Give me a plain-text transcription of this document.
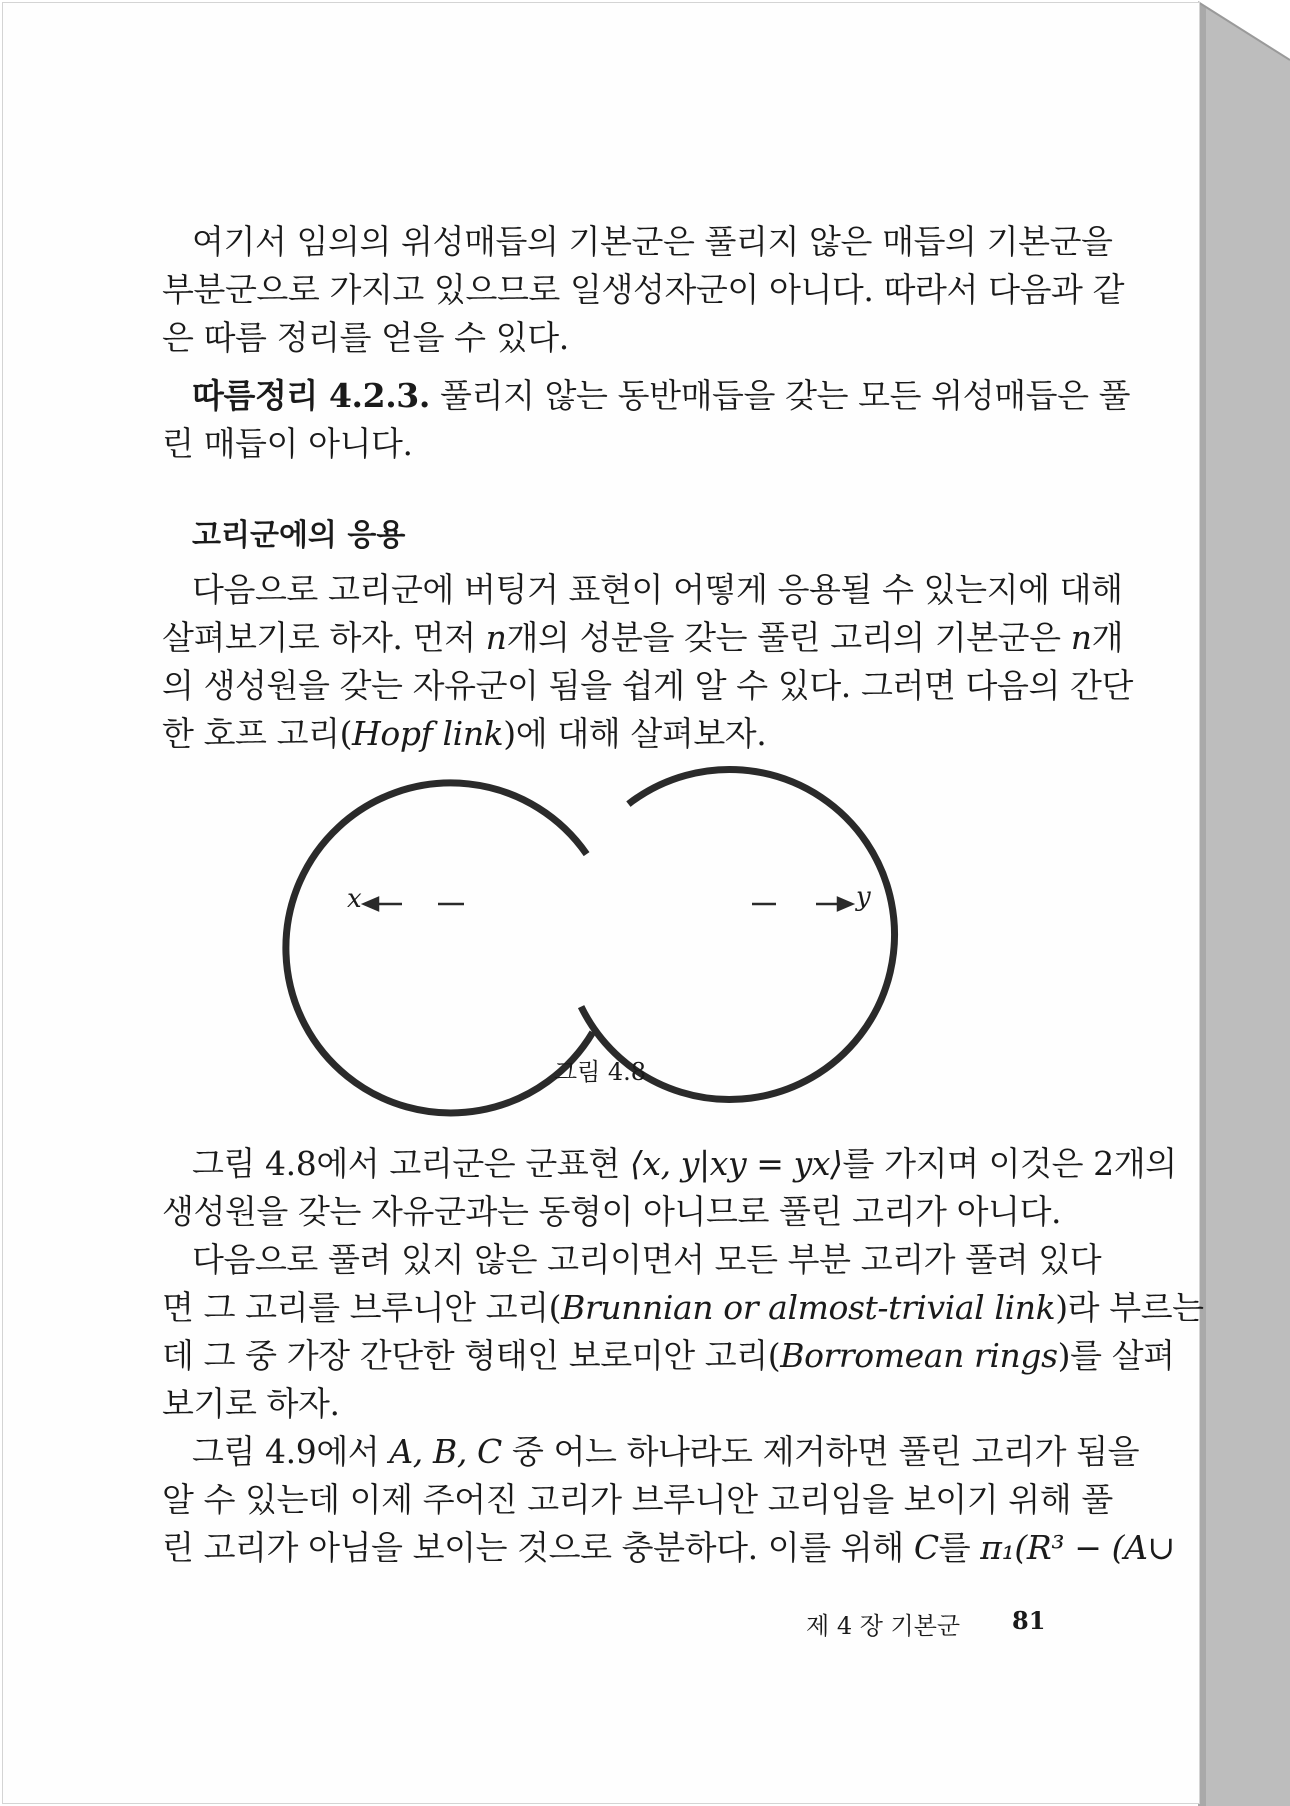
여기서 임의의 위성매듭의 기본군은 풀리지 않은 매듭의 기본군을
부분군으로 가지고 있으므로 일생성자군이 아니다. 따라서 다음과 같
은 따름 정리를 얻을 수 있다.
따름정리 4.2.3. 풀리지 않는 동반매듭을 갖는 모든 위성매듭은 풀
린 매듭이 아니다.
고리군에의 응용
다음으로 고리군에 버팅거 표현이 어떻게 응용될 수 있는지에 대해
살펴보기로 하자. 먼저 n개의 성분을 갖는 풀린 고리의 기본군은 n개
의 생성원을 갖는 자유군이 됨을 쉽게 알 수 있다. 그러면 다음의 간단
한 호프 고리(Hopf link)에 대해 살펴보자.
x	y
그림 4.8
그림 4.8에서 고리군은 군표현 ⟨x, y|xy = yx⟩를 가지며 이것은 2개의
생성원을 갖는 자유군과는 동형이 아니므로 풀린 고리가 아니다.
다음으로 풀려 있지 않은 고리이면서 모든 부분 고리가 풀려 있다
면 그 고리를 브루니안 고리(Brunnian or almost-trivial link)라 부르는
데 그 중 가장 간단한 형태인 보로미안 고리(Borromean rings)를 살펴
보기로 하자.
그림 4.9에서 A, B, C 중 어느 하나라도 제거하면 풀린 고리가 됨을
알 수 있는데 이제 주어진 고리가 브루니안 고리임을 보이기 위해 풀
린 고리가 아님을 보이는 것으로 충분하다. 이를 위해 C를 π₁(R³ − (A∪
제 4 장 기본군 81
